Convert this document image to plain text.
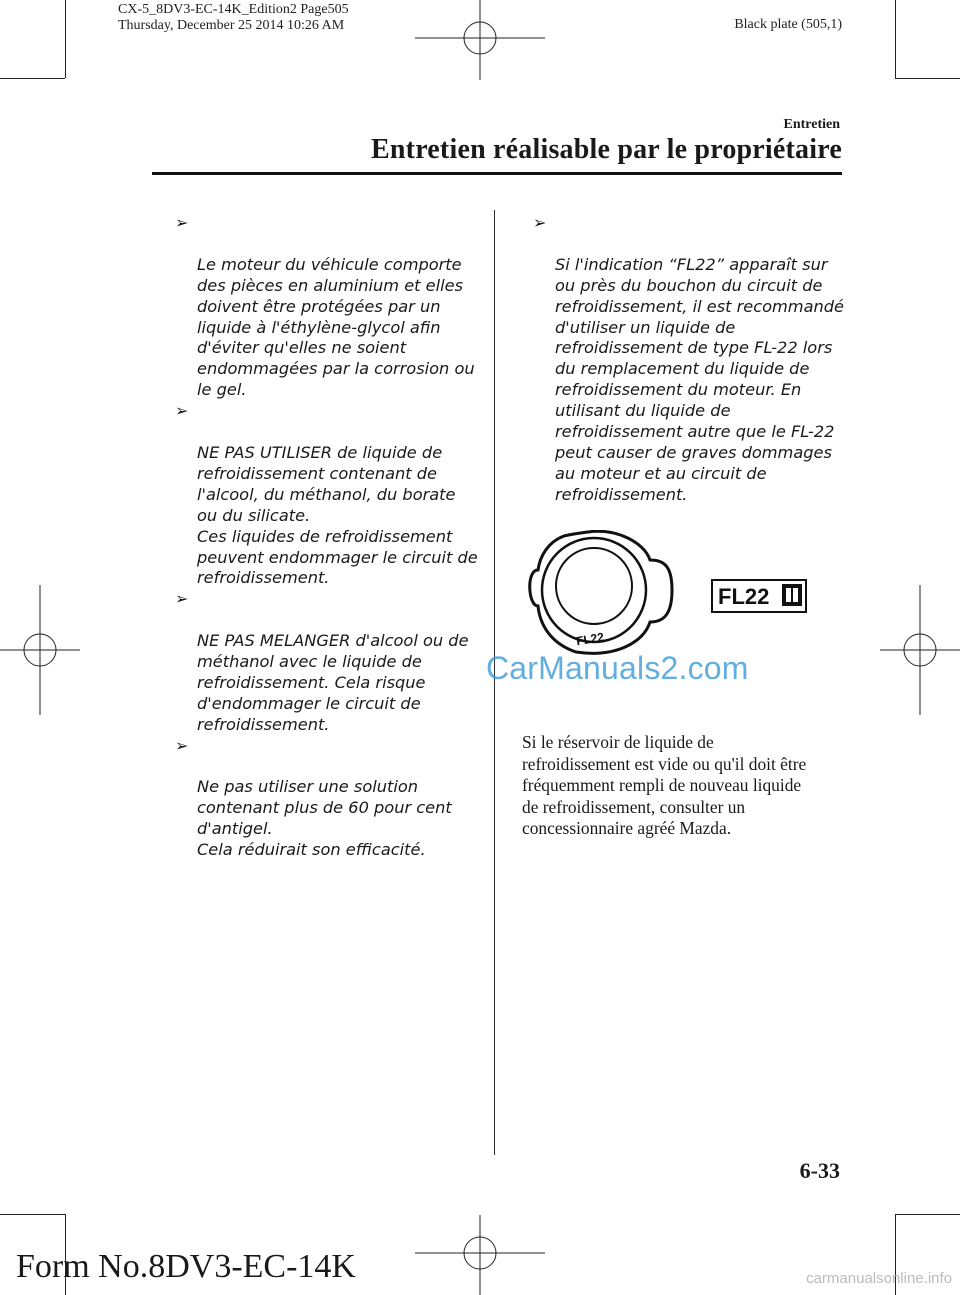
CX-5_8DV3-EC-14K_Edition2 Page505
Thursday, December 25 2014 10:26 AM	Black plate (505,1)
Entretien
Entretien réalisable par le propriétaire

➢

Le moteur du véhicule comporte
des pièces en aluminium et elles
doivent être protégées par un
liquide à l'éthylène-glycol afin
d'éviter qu'elles ne soient
endommagées par la corrosion ou
le gel.

➢

NE PAS UTILISER de liquide de
refroidissement contenant de
l'alcool, du méthanol, du borate
ou du silicate.
Ces liquides de refroidissement
peuvent endommager le circuit de
refroidissement.

➢

NE PAS MELANGER d'alcool ou de
méthanol avec le liquide de
refroidissement. Cela risque
d'endommager le circuit de
refroidissement.

➢

Ne pas utiliser une solution
contenant plus de 60 pour cent
d'antigel.
Cela réduirait son efficacité.

➢

Si l'indication “FL22” apparaît sur
ou près du bouchon du circuit de
refroidissement, il est recommandé
d'utiliser un liquide de
refroidissement de type FL-22 lors
du remplacement du liquide de
refroidissement du moteur. En
utilisant du liquide de
refroidissement autre que le FL-22
peut causer de graves dommages
au moteur et au circuit de
refroidissement.

FL22
FL22
CarManuals2.com
Si le réservoir de liquide de
refroidissement est vide ou qu'il doit être
fréquemment rempli de nouveau liquide
de refroidissement, consulter un
concessionnaire agréé Mazda.
6-33
Form No.8DV3-EC-14K	carmanualsonline.info
